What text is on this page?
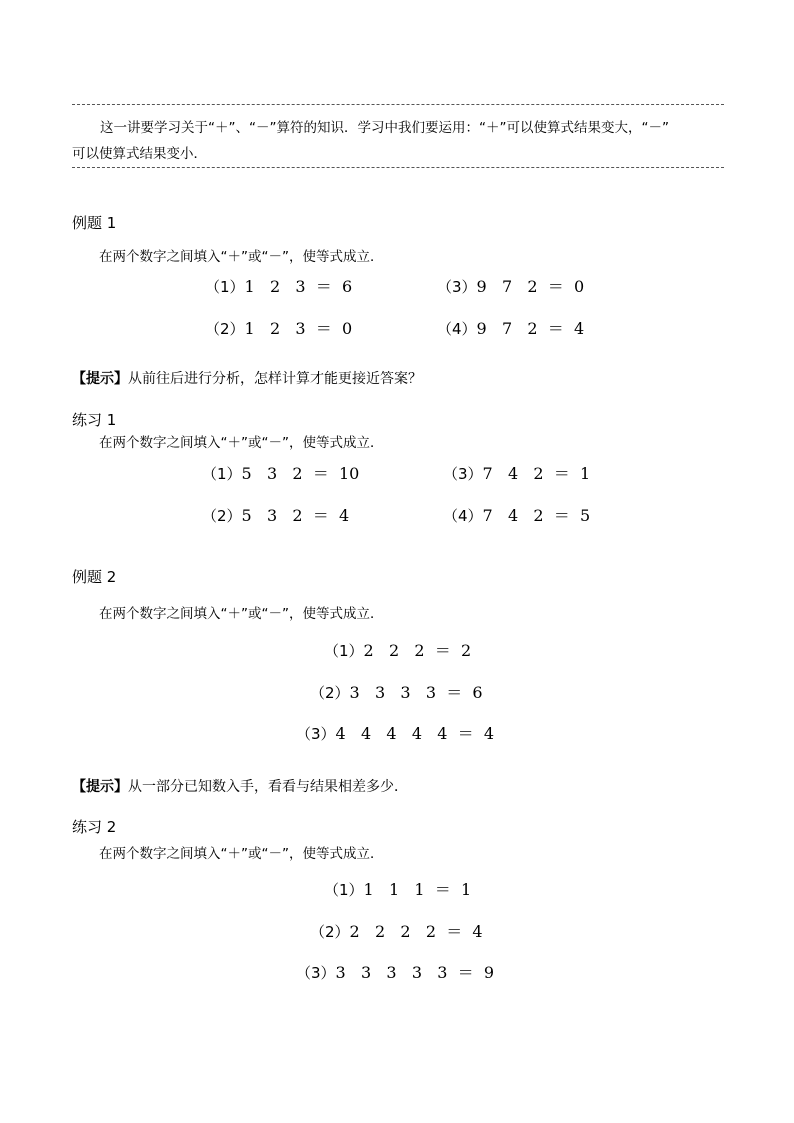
这一讲要学习关于“＋”、“－”算符的知识．学习中我们要运用：“＋”可以使算式结果变大，“－”
可以使算式结果变小．
例题 1
在两个数字之间填入“＋”或“－”，使等式成立．
（1）1   2   3  ＝  6	（3）9   7   2  ＝  0
（2）1   2   3  ＝  0	（4）9   7   2  ＝  4
【提示】从前往后进行分析，怎样计算才能更接近答案？
练习 1
在两个数字之间填入“＋”或“－”，使等式成立．
（1）5   3   2  ＝  10	（3）7   4   2  ＝  1
（2）5   3   2  ＝  4	（4）7   4   2  ＝  5
例题 2
在两个数字之间填入“＋”或“－”，使等式成立．
（1）2   2   2  ＝  2
（2）3   3   3   3  ＝  6
（3）4   4   4   4   4  ＝  4
【提示】从一部分已知数入手，看看与结果相差多少．
练习 2
在两个数字之间填入“＋”或“－”，使等式成立．
（1）1   1   1  ＝  1
（2）2   2   2   2  ＝  4
（3）3   3   3   3   3  ＝  9
